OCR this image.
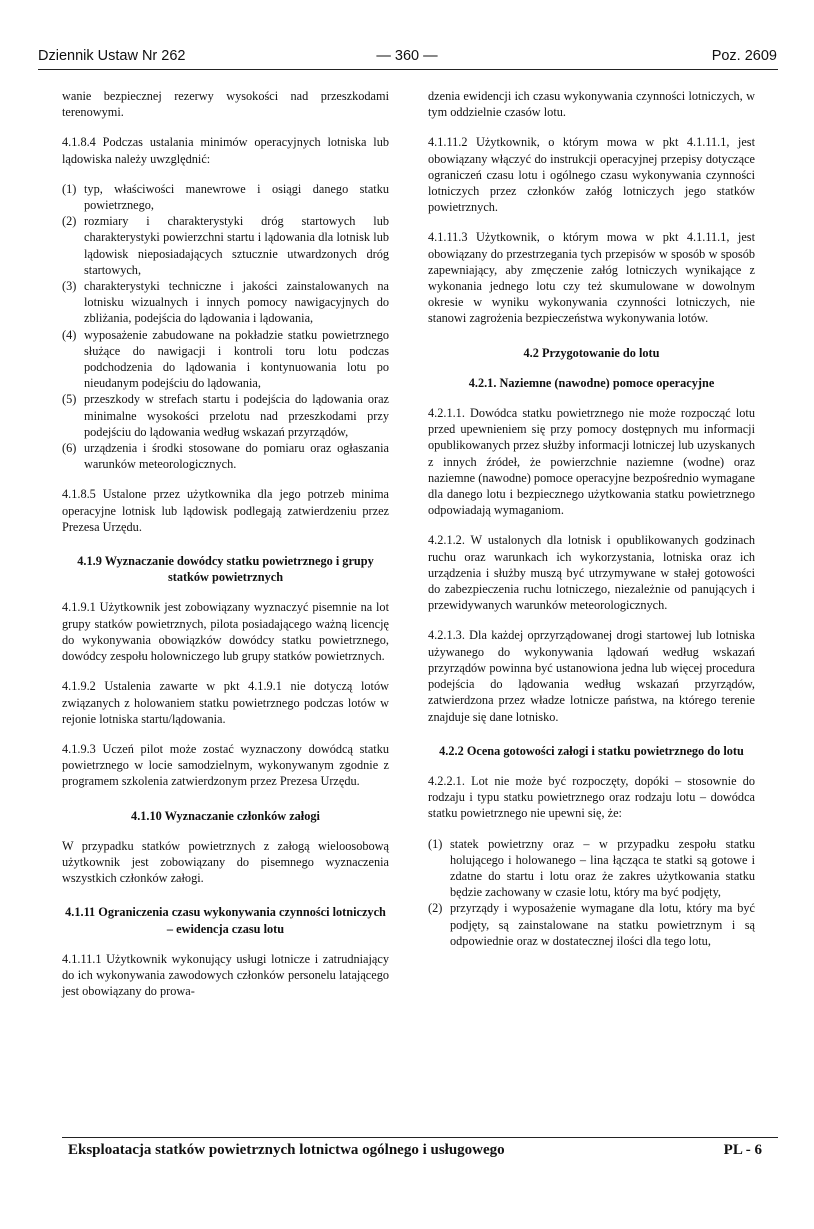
Dziennik Ustaw Nr 262	— 360 —	Poz. 2609

wanie bezpiecznej rezerwy wysokości nad przeszkodami terenowymi.

4.1.8.4 Podczas ustalania minimów operacyjnych lotniska lub lądowiska należy uwzględnić:

(1) typ, właściwości manewrowe i osiągi danego statku powietrznego,
(2) rozmiary i charakterystyki dróg startowych lub charakterystyki powierzchni startu i lądowania dla lotnisk lub lądowisk nieposiadających sztucznie utwardzonych dróg startowych,
(3) charakterystyki techniczne i jakości zainstalowanych na lotnisku wizualnych i innych pomocy nawigacyjnych do zbliżania, podejścia do lądowania i lądowania,
(4) wyposażenie zabudowane na pokładzie statku powietrznego służące do nawigacji i kontroli toru lotu podczas podchodzenia do lądowania i kontynuowania lotu po nieudanym podejściu do lądowania,
(5) przeszkody w strefach startu i podejścia do lądowania oraz minimalne wysokości przelotu nad przeszkodami przy podejściu do lądowania według wskazań przyrządów,
(6) urządzenia i środki stosowane do pomiaru oraz ogłaszania warunków meteorologicznych.

4.1.8.5 Ustalone przez użytkownika dla jego potrzeb minima operacyjne lotnisk lub lądowisk podlegają zatwierdzeniu przez Prezesa Urzędu.

4.1.9 Wyznaczanie dowódcy statku powietrznego i grupy statków powietrznych

4.1.9.1 Użytkownik jest zobowiązany wyznaczyć pisemnie na lot grupy statków powietrznych, pilota posiadającego ważną licencję do wykonywania obowiązków dowódcy statku powietrznego, dowódcy zespołu holowniczego lub grupy statków powietrznych.

4.1.9.2 Ustalenia zawarte w pkt 4.1.9.1 nie dotyczą lotów związanych z holowaniem statku powietrznego podczas lotów w rejonie lotniska startu/lądowania.

4.1.9.3 Uczeń pilot może zostać wyznaczony dowódcą statku powietrznego w locie samodzielnym, wykonywanym zgodnie z programem szkolenia zatwierdzonym przez Prezesa Urzędu.

4.1.10 Wyznaczanie członków załogi

W przypadku statków powietrznych z załogą wieloosobową użytkownik jest zobowiązany do pisemnego wyznaczenia wszystkich członków załogi.

4.1.11 Ograniczenia czasu wykonywania czynności lotniczych – ewidencja czasu lotu

4.1.11.1 Użytkownik wykonujący usługi lotnicze i zatrudniający do ich wykonywania zawodowych członków personelu latającego jest obowiązany do prowa-

dzenia ewidencji ich czasu wykonywania czynności lotniczych, w tym oddzielnie czasów lotu.

4.1.11.2 Użytkownik, o którym mowa w pkt 4.1.11.1, jest obowiązany włączyć do instrukcji operacyjnej przepisy dotyczące ograniczeń czasu lotu i ogólnego czasu wykonywania czynności lotniczych przez członków załóg lotniczych jego statków powietrznych.

4.1.11.3 Użytkownik, o którym mowa w pkt 4.1.11.1, jest obowiązany do przestrzegania tych przepisów w sposób w sposób zapewniający, aby zmęczenie załóg lotniczych wynikające z wykonania jednego lotu czy też skumulowane w dowolnym okresie w wyniku wykonywania czynności lotniczych, nie stanowi zagrożenia bezpieczeństwa wykonywania lotów.

4.2 Przygotowanie do lotu
4.2.1. Naziemne (nawodne) pomoce operacyjne

4.2.1.1. Dowódca statku powietrznego nie może rozpocząć lotu przed upewnieniem się przy pomocy dostępnych mu informacji opublikowanych przez służby informacji lotniczej lub uzyskanych z innych źródeł, że powierzchnie naziemne (wodne) oraz naziemne (nawodne) pomoce operacyjne bezpośrednio wymagane dla danego lotu i bezpiecznego użytkowania statku powietrznego odpowiadają wymaganiom.

4.2.1.2. W ustalonych dla lotnisk i opublikowanych godzinach ruchu oraz warunkach ich wykorzystania, lotniska oraz ich urządzenia i służby muszą być utrzymywane w stałej gotowości do zabezpieczenia ruchu lotniczego, niezależnie od panujących i przewidywanych warunków meteorologicznych.

4.2.1.3. Dla każdej oprzyrządowanej drogi startowej lub lotniska używanego do wykonywania lądowań według wskazań przyrządów powinna być ustanowiona jedna lub więcej procedura podejścia do lądowania według wskazań przyrządów, zatwierdzona przez władze lotnicze państwa, na którego terenie znajduje się dane lotnisko.

4.2.2 Ocena gotowości załogi i statku powietrznego do lotu

4.2.2.1. Lot nie może być rozpoczęty, dopóki – stosownie do rodzaju i typu statku powietrznego oraz rodzaju lotu – dowódca statku powietrznego nie upewni się, że:

(1) statek powietrzny oraz – w przypadku zespołu statku holującego i holowanego – lina łącząca te statki są gotowe i zdatne do startu i lotu oraz że zakres użytkowania statku będzie zachowany w czasie lotu, który ma być podjęty,
(2) przyrządy i wyposażenie wymagane dla lotu, który ma być podjęty, są zainstalowane na statku powietrznym i są odpowiednie oraz w dostatecznej ilości dla tego lotu,
Eksploatacja statków powietrznych lotnictwa ogólnego i usługowego	PL - 6
